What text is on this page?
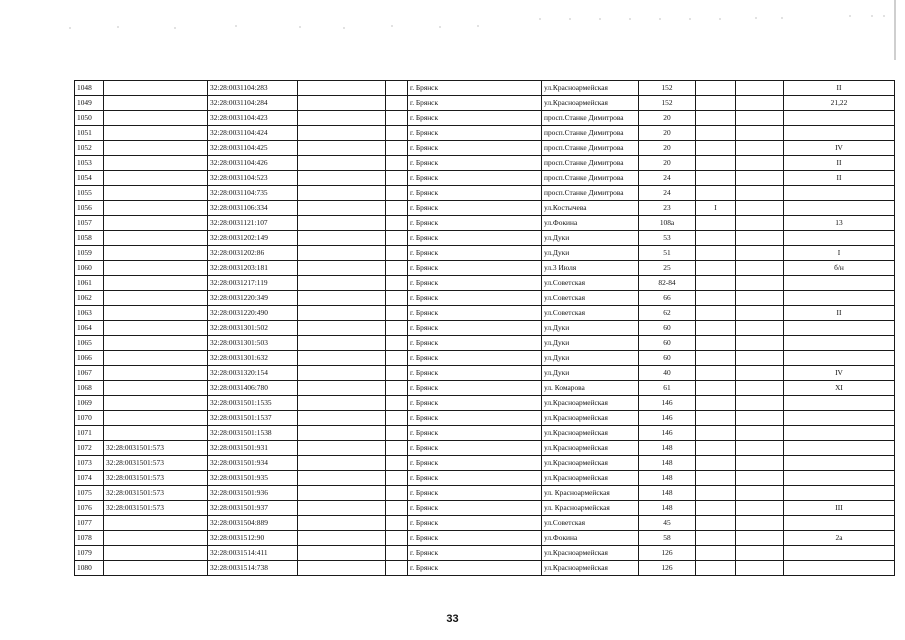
1048		32:28:0031104:283			г. Брянск	ул.Красноармейская	152			II
1049		32:28:0031104:284			г. Брянск	ул.Красноармейская	152			21,22
1050		32:28:0031104:423			г. Брянск	просп.Станке Димитрова	20			
1051		32:28:0031104:424			г. Брянск	просп.Станке Димитрова	20			
1052		32:28:0031104:425			г. Брянск	просп.Станке Димитрова	20			IV
1053		32:28:0031104:426			г. Брянск	просп.Станке Димитрова	20			II
1054		32:28:0031104:523			г. Брянск	просп.Станке Димитрова	24			II
1055		32:28:0031104:735			г. Брянск	просп.Станке Димитрова	24			
1056		32:28:0031106:334			г. Брянск	ул.Костычева	23	I		
1057		32:28:0031121:107			г. Брянск	ул.Фокина	108а			13
1058		32:28:0031202:149			г. Брянск	ул.Дуки	53			
1059		32:28:0031202:86			г. Брянск	ул.Дуки	51			I
1060		32:28:0031203:181			г. Брянск	ул.3 Июля	25			б/н
1061		32:28:0031217:119			г. Брянск	ул.Советская	82-84			
1062		32:28:0031220:349			г. Брянск	ул.Советская	66			
1063		32:28:0031220:490			г. Брянск	ул.Советская	62			II
1064		32:28:0031301:502			г. Брянск	ул.Дуки	60			
1065		32:28:0031301:503			г. Брянск	ул.Дуки	60			
1066		32:28:0031301:632			г. Брянск	ул.Дуки	60			
1067		32:28:0031320:154			г. Брянск	ул.Дуки	40			IV
1068		32:28:0031406:780			г. Брянск	ул. Комарова	61			XI
1069		32:28:0031501:1535			г. Брянск	ул.Красноармейская	146			
1070		32:28:0031501:1537			г. Брянск	ул.Красноармейская	146			
1071		32:28:0031501:1538			г. Брянск	ул.Красноармейская	146			
1072	32:28:0031501:573	32:28:0031501:931			г. Брянск	ул.Красноармейская	148			
1073	32:28:0031501:573	32:28:0031501:934			г. Брянск	ул.Красноармейская	148			
1074	32:28:0031501:573	32:28:0031501:935			г. Брянск	ул.Красноармейская	148			
1075	32:28:0031501:573	32:28:0031501:936			г. Брянск	ул. Красноармейская	148			
1076	32:28:0031501:573	32:28:0031501:937			г. Брянск	ул. Красноармейская	148			III
1077		32:28:0031504:889			г. Брянск	ул.Советская	45			
1078		32:28:0031512:90			г. Брянск	ул.Фокина	58			2а
1079		32:28:0031514:411			г. Брянск	ул.Красноармейская	126			
1080		32:28:0031514:738			г. Брянск	ул.Красноармейская	126			
33
